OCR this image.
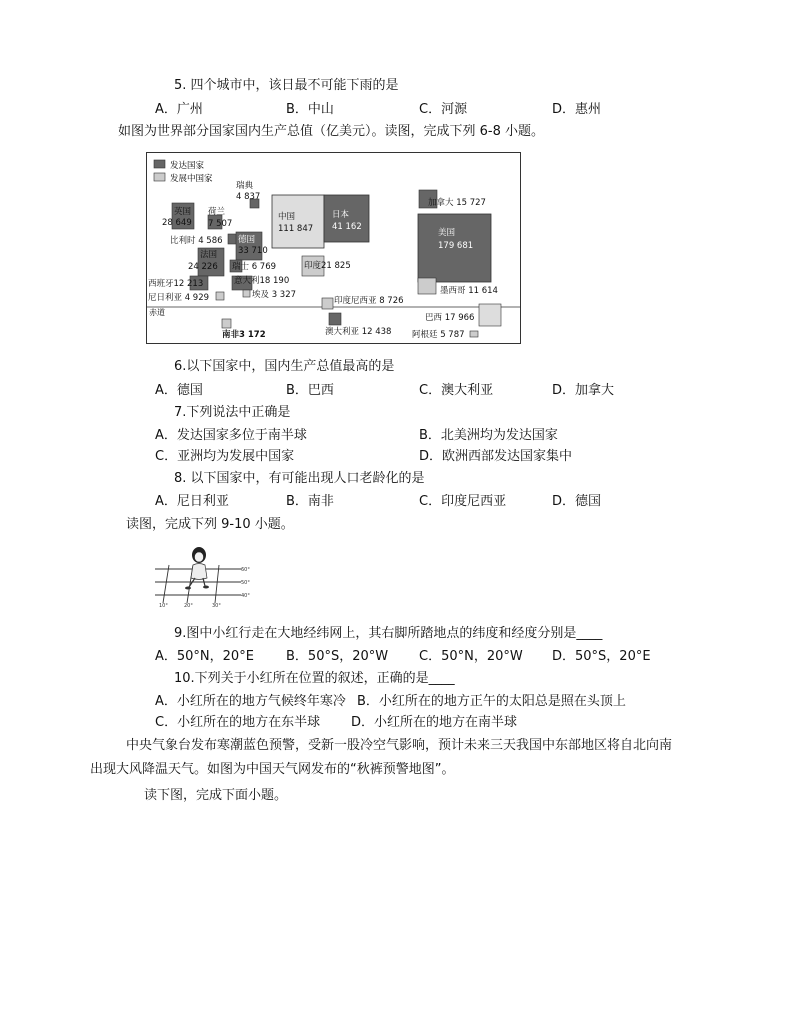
5. 四个城市中，该日最不可能下雨的是
A．广州	B．中山	C．河源	D．惠州
如图为世界部分国家国内生产总值（亿美元）。读图，完成下列 6-8 小题。
发达国家
发展中国家
赤道
瑞典
4 837
英国
28 649
荷兰
7 507
比利时 4 586 德国
33 710
法国
24 226 瑞士 6 769
西班牙12 213	意大利18 190
尼日利亚 4 929	埃及 3 327
南非3 172
中国
111 847
日本
41 162
印度21 825
印度尼西亚 8 726
澳大利亚 12 438
加拿大 15 727
美国
179 681
墨西哥 11 614
巴西 17 966
阿根廷 5 787
6.以下国家中，国内生产总值最高的是
A．德国	B．巴西	C．澳大利亚	D．加拿大
7.下列说法中正确是
A．发达国家多位于南半球	B．北美洲均为发达国家
C．亚洲均为发展中国家	D．欧洲西部发达国家集中
8. 以下国家中，有可能出现人口老龄化的是
A．尼日利亚	B．南非	C．印度尼西亚	D．德国
读图，完成下列 9-10 小题。
60°
50°
40°
10°	20°	30°
9.图中小红行走在大地经纬网上，其右脚所踏地点的纬度和经度分别是____
A．50°N，20°E B．50°S，20°W C．50°N，20°W D．50°S，20°E
10.下列关于小红所在位置的叙述，正确的是____
A．小红所在的地方气候终年寒冷 B．小红所在的地方正午的太阳总是照在头顶上
C．小红所在的地方在东半球 D．小红所在的地方在南半球
中央气象台发布寒潮蓝色预警，受新一股冷空气影响，预计未来三天我国中东部地区将自北向南
出现大风降温天气。如图为中国天气网发布的“秋裤预警地图”。
读下图，完成下面小题。
